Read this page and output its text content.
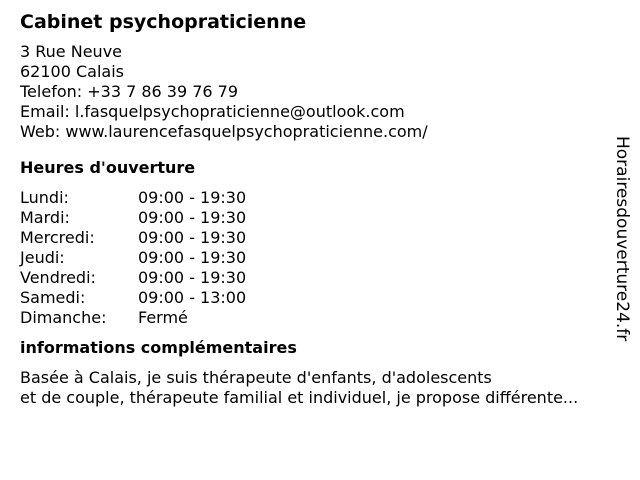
Cabinet psychopraticienne
3 Rue Neuve
62100 Calais
Telefon: +33 7 86 39 76 79
Email: l.fasquelpsychopraticienne@outlook.com
Web: www.laurencefasquelpsychopraticienne.com/
Heures d'ouverture
Lundi:	09:00 - 19:30
Mardi:	09:00 - 19:30
Mercredi:	09:00 - 19:30
Jeudi:	09:00 - 19:30
Vendredi:	09:00 - 19:30
Samedi:	09:00 - 13:00
Dimanche:	Fermé
informations complémentaires
Basée à Calais, je suis thérapeute d'enfants, d'adolescents
et de couple, thérapeute familial et individuel, je propose différente...
Horairesdouverture24.fr
